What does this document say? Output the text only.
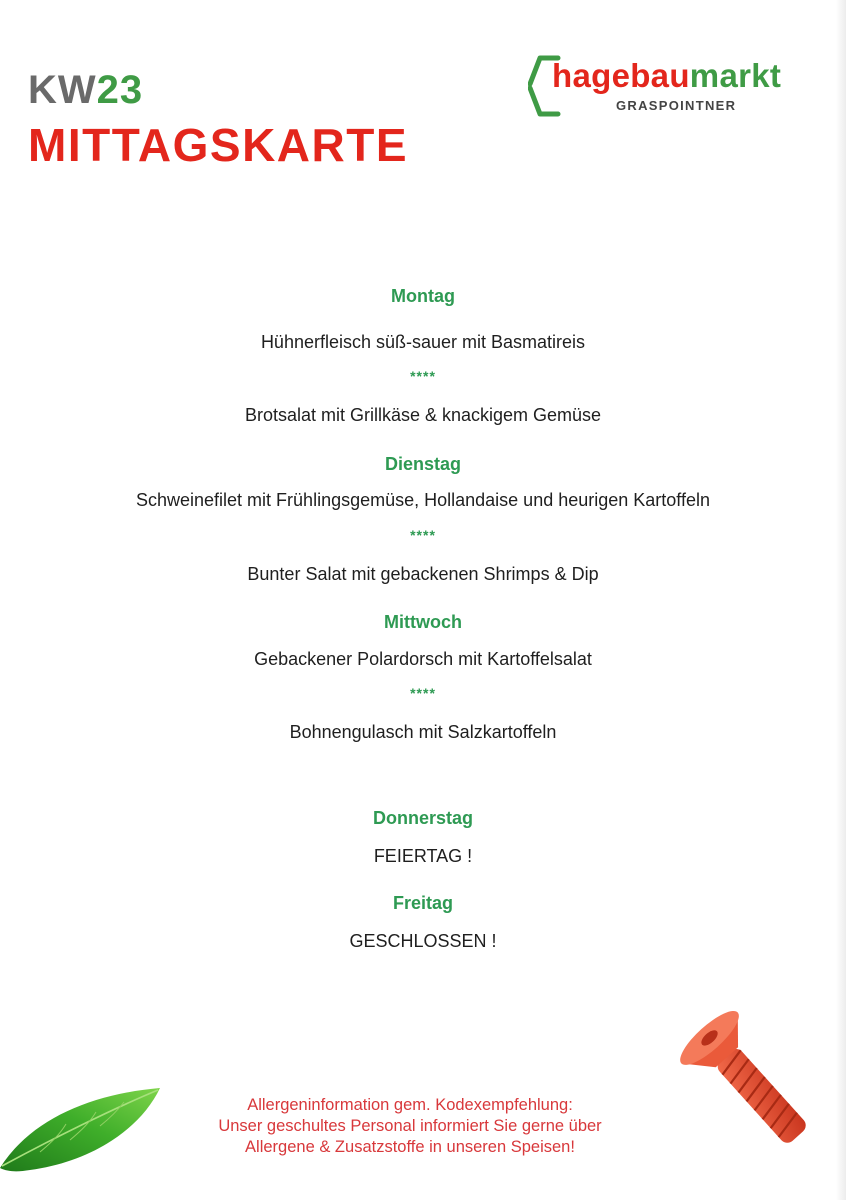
KW23
MITTAGSKARTE
hagebaumarkt
GRASPOINTNER
Montag
Hühnerfleisch süß-sauer mit Basmatireis
****
Brotsalat mit Grillkäse & knackigem Gemüse
Dienstag
Schweinefilet mit Frühlingsgemüse, Hollandaise und heurigen Kartoffeln
****
Bunter Salat mit gebackenen Shrimps & Dip
Mittwoch
Gebackener Polardorsch mit Kartoffelsalat
****
Bohnengulasch mit Salzkartoffeln
Donnerstag
FEIERTAG !
Freitag
GESCHLOSSEN !
Allergeninformation gem. Kodexempfehlung:
Unser geschultes Personal informiert Sie gerne über
Allergene & Zusatzstoffe in unseren Speisen!
